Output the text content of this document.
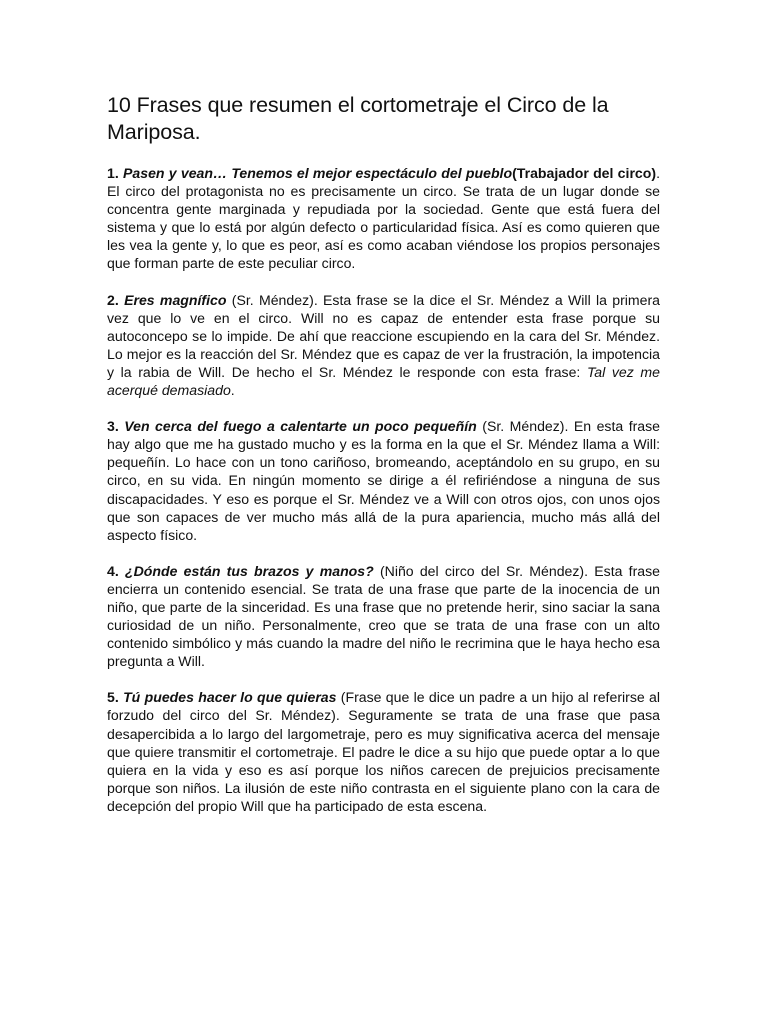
10 Frases que resumen el cortometraje el Circo de la Mariposa.

1. Pasen y vean… Tenemos el mejor espectáculo del pueblo(Trabajador del circo). El circo del protagonista no es precisamente un circo. Se trata de un lugar donde se concentra gente marginada y repudiada por la sociedad. Gente que está fuera del sistema y que lo está por algún defecto o particularidad física. Así es como quieren que les vea la gente y, lo que es peor, así es como acaban viéndose los propios personajes que forman parte de este peculiar circo.

2. Eres magnífico (Sr. Méndez). Esta frase se la dice el Sr. Méndez a Will la primera vez que lo ve en el circo. Will no es capaz de entender esta frase porque su autoconcepo se lo impide. De ahí que reaccione escupiendo en la cara del Sr. Méndez. Lo mejor es la reacción del Sr. Méndez que es capaz de ver la frustración, la impotencia y la rabia de Will. De hecho el Sr. Méndez le responde con esta frase: Tal vez me acerqué demasiado.

3. Ven cerca del fuego a calentarte un poco pequeñín (Sr. Méndez). En esta frase hay algo que me ha gustado mucho y es la forma en la que el Sr. Méndez llama a Will: pequeñín. Lo hace con un tono cariñoso, bromeando, aceptándolo en su grupo, en su circo, en su vida. En ningún momento se dirige a él refiriéndose a ninguna de sus discapacidades. Y eso es porque el Sr. Méndez ve a Will con otros ojos, con unos ojos que son capaces de ver mucho más allá de la pura apariencia, mucho más allá del aspecto físico.

4. ¿Dónde están tus brazos y manos? (Niño del circo del Sr. Méndez). Esta frase encierra un contenido esencial. Se trata de una frase que parte de la inocencia de un niño, que parte de la sinceridad. Es una frase que no pretende herir, sino saciar la sana curiosidad de un niño. Personalmente, creo que se trata de una frase con un alto contenido simbólico y más cuando la madre del niño le recrimina que le haya hecho esa pregunta a Will.

5. Tú puedes hacer lo que quieras (Frase que le dice un padre a un hijo al referirse al forzudo del circo del Sr. Méndez). Seguramente se trata de una frase que pasa desapercibida a lo largo del largometraje, pero es muy significativa acerca del mensaje que quiere transmitir el cortometraje. El padre le dice a su hijo que puede optar a lo que quiera en la vida y eso es así porque los niños carecen de prejuicios precisamente porque son niños. La ilusión de este niño contrasta en el siguiente plano con la cara de decepción del propio Will que ha participado de esta escena.
